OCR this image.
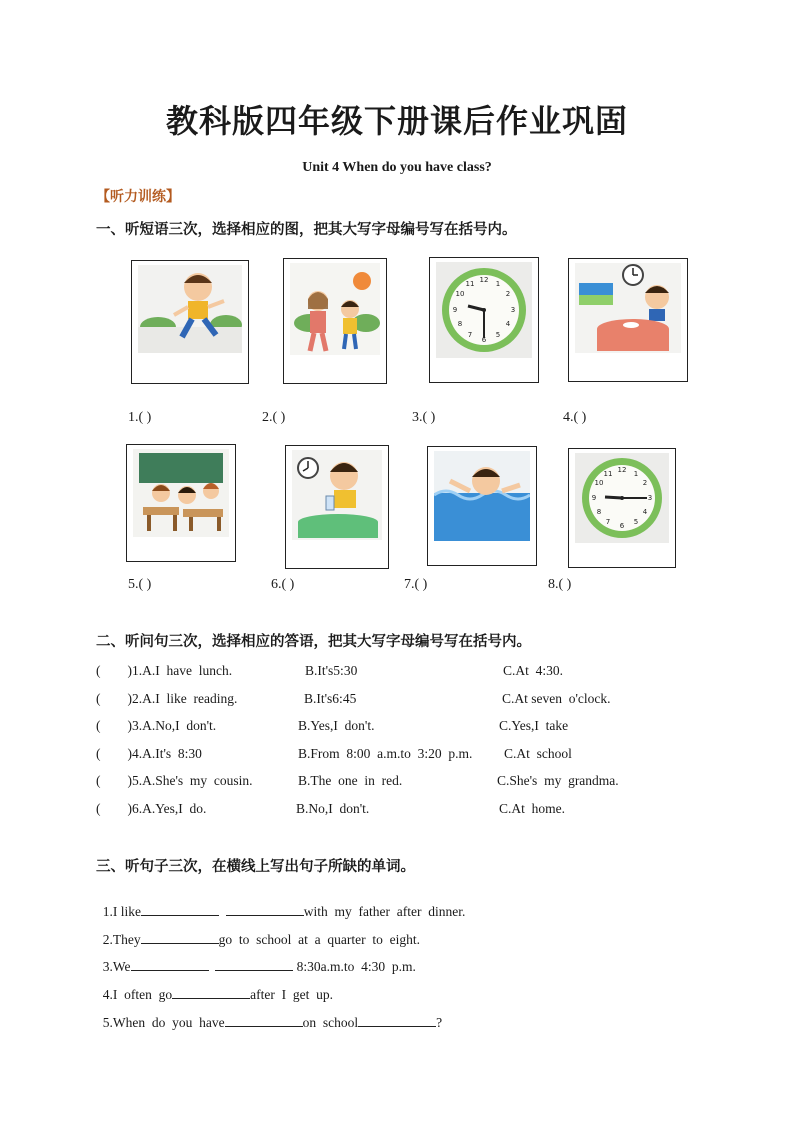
教科版四年级下册课后作业巩固
Unit 4 When do you have class?
【听力训练】
一、听短语三次，选择相应的图，把其大写字母编号写在括号内。
12 1
2
3
4
5
6
7
8
9
10
11
1.( )	2.( )	3.( )	4.( )
12 1
2
3
4
5
6
7
8
9
10
11
5.( )	6.( )	7.( )	8.( )
二、听问句三次，选择相应的答语，把其大写字母编号写在括号内。
(        )1.A.I  have  lunch.	B.It's5:30	C.At  4:30.
(        )2.A.I  like  reading.	B.It's6:45	C.At seven  o'clock.
(        )3.A.No,I  don't.	B.Yes,I  don't.	C.Yes,I  take
(        )4.A.It's  8:30	B.From  8:00  a.m.to  3:20  p.m. C.At  school
(        )5.A.She's  my  cousin.	B.The  one  in  red.	C.She's  my  grandma.
(        )6.A.Yes,I  do.	B.No,I  don't.	C.At  home.
三、听句子三次，在横线上写出句子所缺的单词。

1.I like	with  my  father  after  dinner.

2.They	go  to  school  at  a  quarter  to  eight.

3.We	8:30a.m.to  4:30  p.m.

4.I  often  go	after  I  get  up.

5.When  do  you  have	on  school	?
